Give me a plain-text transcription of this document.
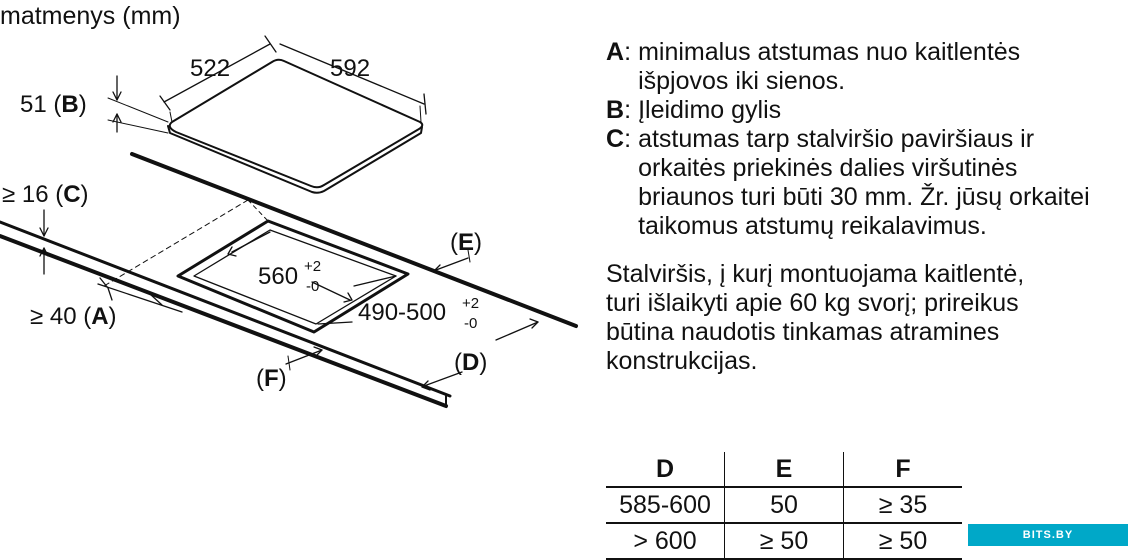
matmenys (mm)
522	592
51 (B)
≥ 16 (C)
≥ 40 (A)
560 +2
-0
490-500 +2
-0
(E)
(D)
(F)
A : minimalus atstumas nuo kaitlentės
išpjovos iki sienos.
B : Įleidimo gylis
C : atstumas tarp stalviršio paviršiaus ir
orkaitės priekinės dalies viršutinės
briaunos turi būti 30 mm. Žr. jūsų orkaitei
taikomus atstumų reikalavimus.
Stalviršis, į kurį montuojama kaitlentė,
turi išlaikyti apie 60 kg svorį; prireikus
būtina naudotis tinkamas atramines
konstrukcijas.
D	E	F
585-600	50	≥ 35
> 600	≥ 50	≥ 50	BITS.BY
